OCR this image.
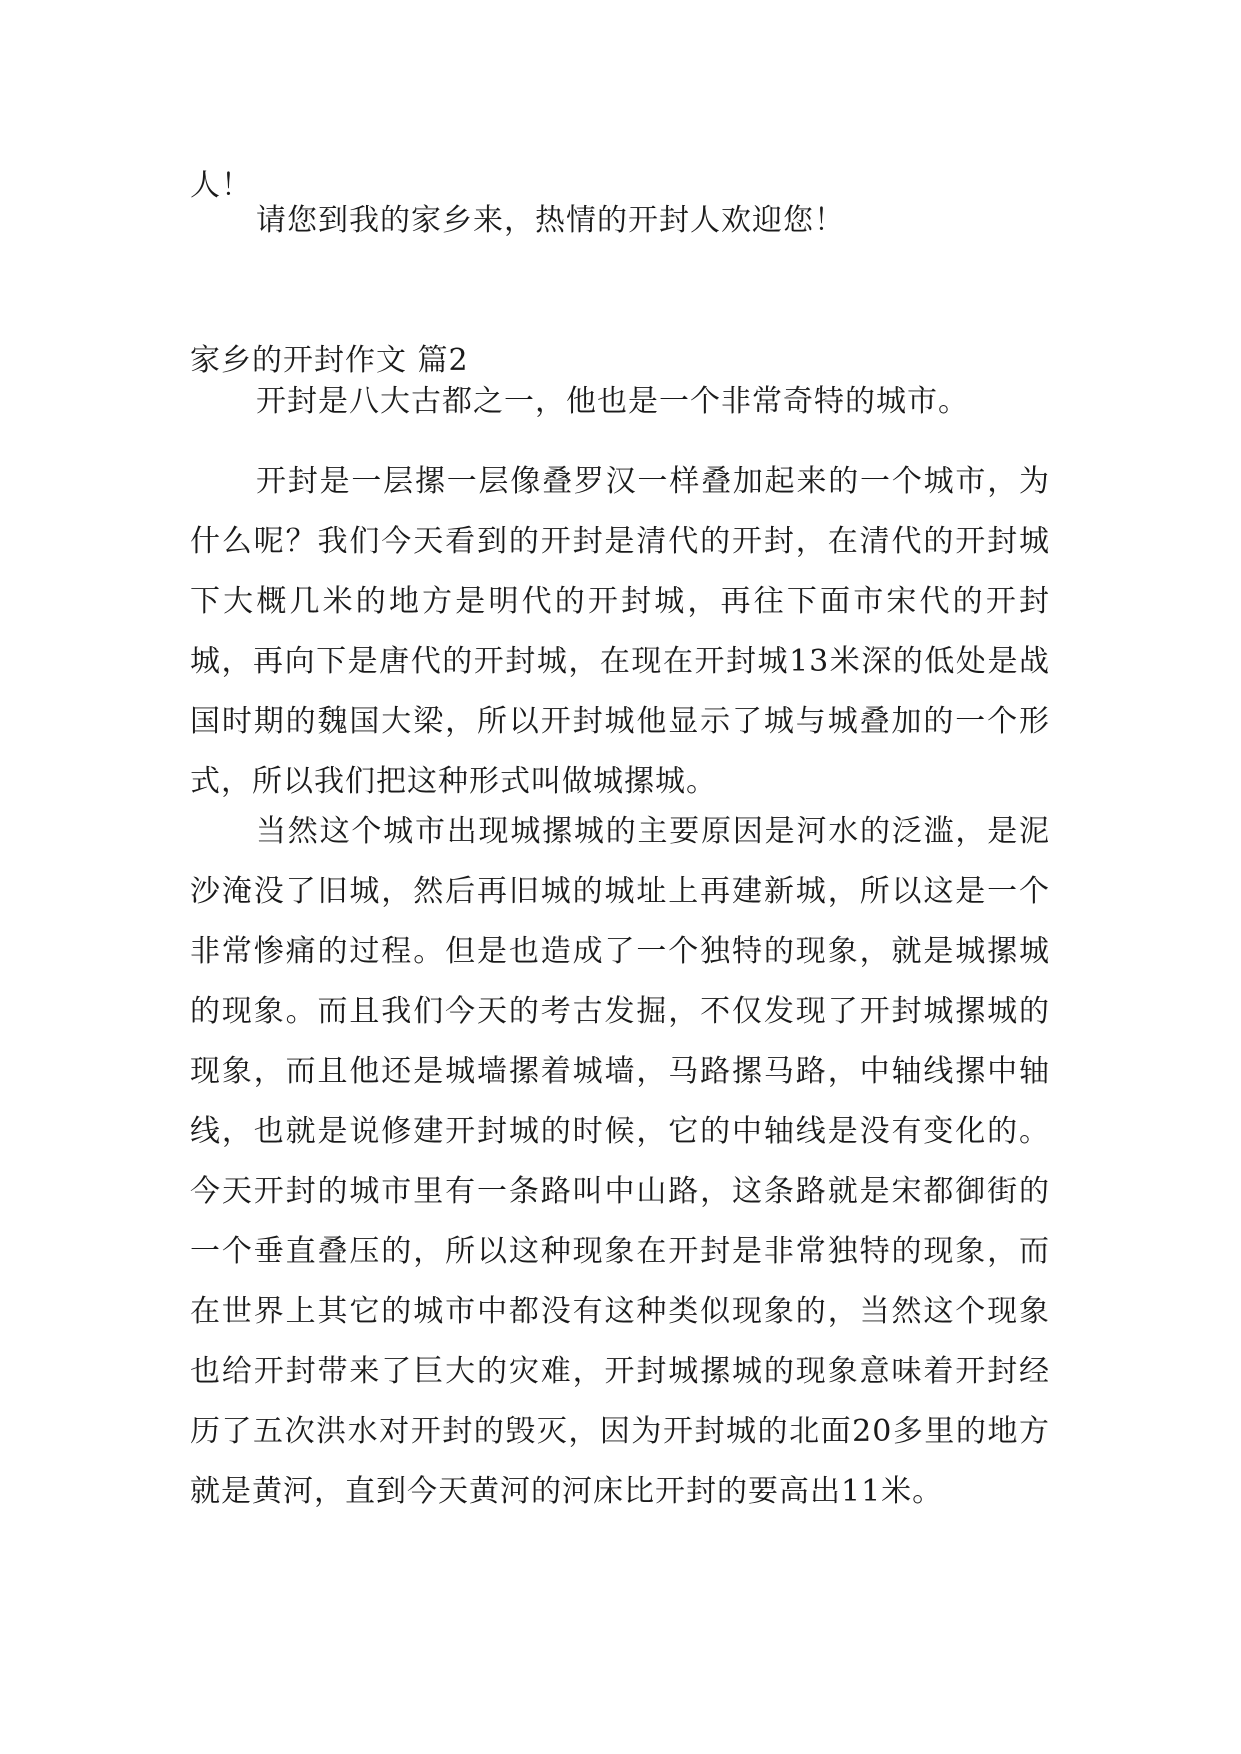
人！

请您到我的家乡来，热情的开封人欢迎您！

家乡的开封作文 篇2

开封是八大古都之一，他也是一个非常奇特的城市。

开封是一层摞一层像叠罗汉一样叠加起来的一个城市，为什么呢？我们今天看到的开封是清代的开封，在清代的开封城下大概几米的地方是明代的开封城，再往下面市宋代的开封城，再向下是唐代的开封城，在现在开封城13米深的低处是战国时期的魏国大梁，所以开封城他显示了城与城叠加的一个形式，所以我们把这种形式叫做城摞城。

当然这个城市出现城摞城的主要原因是河水的泛滥，是泥沙淹没了旧城，然后再旧城的城址上再建新城，所以这是一个非常惨痛的过程。但是也造成了一个独特的现象，就是城摞城的现象。而且我们今天的考古发掘，不仅发现了开封城摞城的现象，而且他还是城墙摞着城墙，马路摞马路，中轴线摞中轴线，也就是说修建开封城的时候，它的中轴线是没有变化的。今天开封的城市里有一条路叫中山路，这条路就是宋都御街的一个垂直叠压的，所以这种现象在开封是非常独特的现象，而在世界上其它的城市中都没有这种类似现象的，当然这个现象也给开封带来了巨大的灾难，开封城摞城的现象意味着开封经历了五次洪水对开封的毁灭，因为开封城的北面20多里的地方就是黄河，直到今天黄河的河床比开封的要高出11米。
